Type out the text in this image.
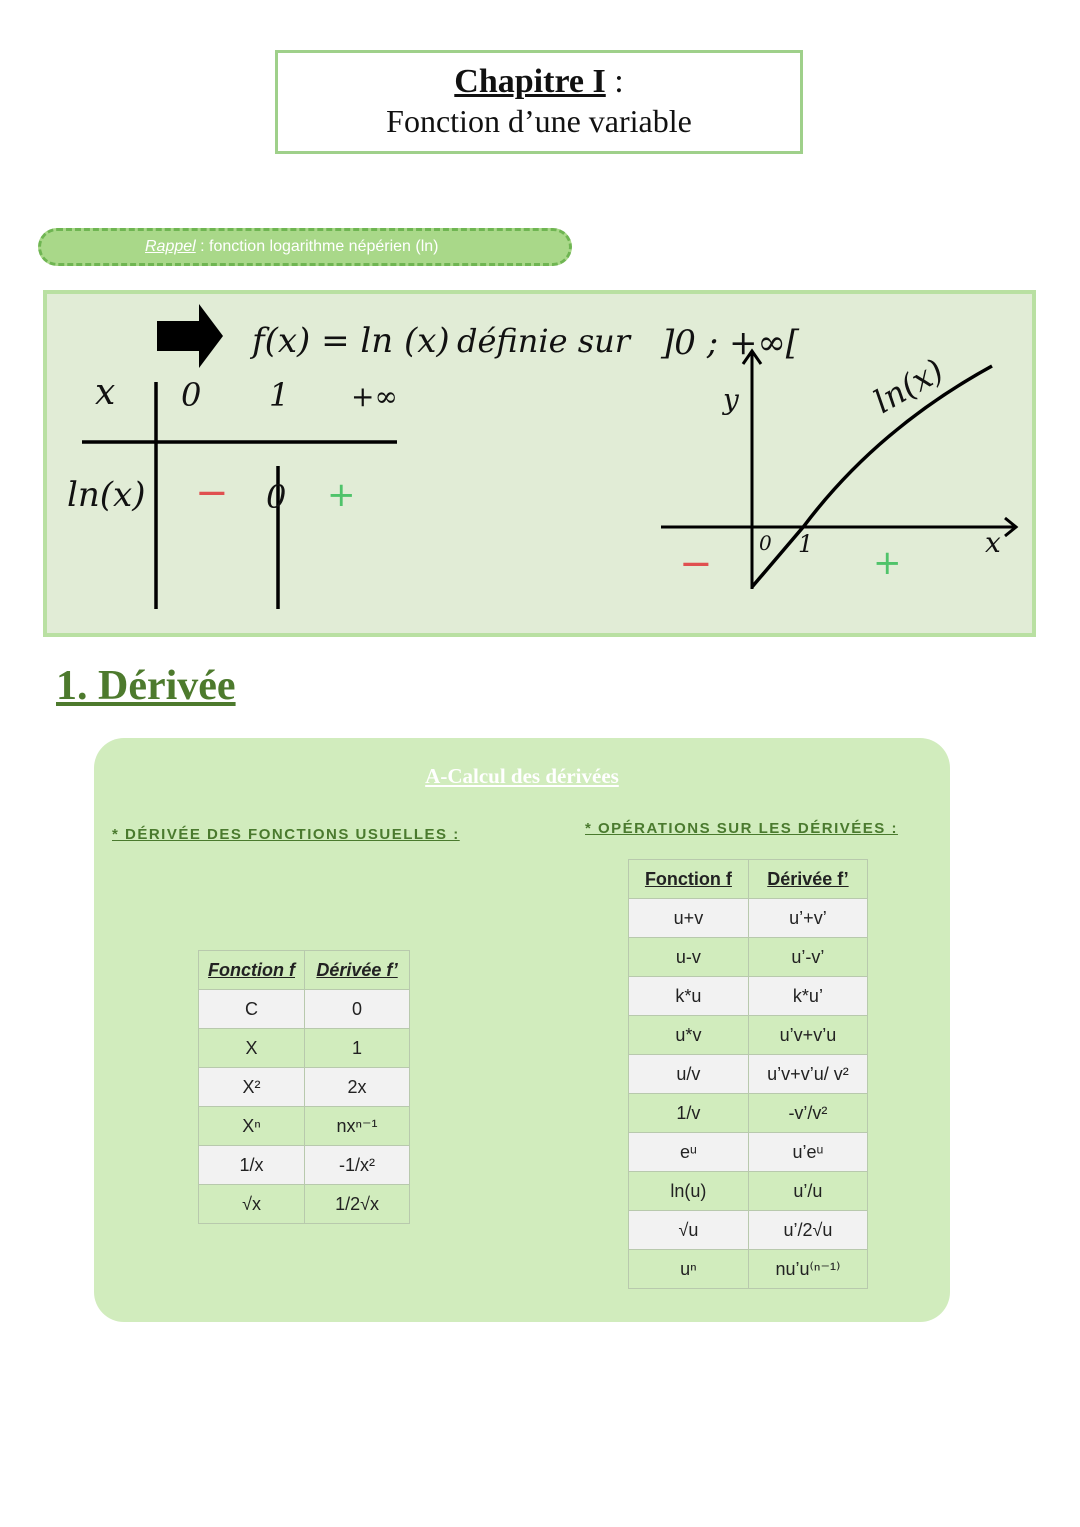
Chapitre I :
Fonction d’une variable
Rappel : fonction logarithme népérien (ln)
f(x) = ln (x) définie sur ]0 ; +∞[
x 0 1 +∞
ln(x) − 0 +
y
x
0 1
ln(x)
−	+
1. Dérivée
A-Calcul des dérivées
* DÉRIVÉE DES FONCTIONS USUELLES :	* OPÉRATIONS SUR LES DÉRIVÉES :
Fonction f	Dérivée f’
C	0
X	1
X²	2x
Xⁿ	nxⁿ⁻¹
1/x	-1/x²
√x	1/2√x
Fonction f	Dérivée f’
u+v	u’+v’
u-v	u’-v’
k*u	k*u’
u*v	u’v+v’u
u/v	u’v+v’u/ v²
1/v	-v’/v²
eᵘ	u’eᵘ
ln(u)	u’/u
√u	u’/2√u
uⁿ	nu’u⁽ⁿ⁻¹⁾
